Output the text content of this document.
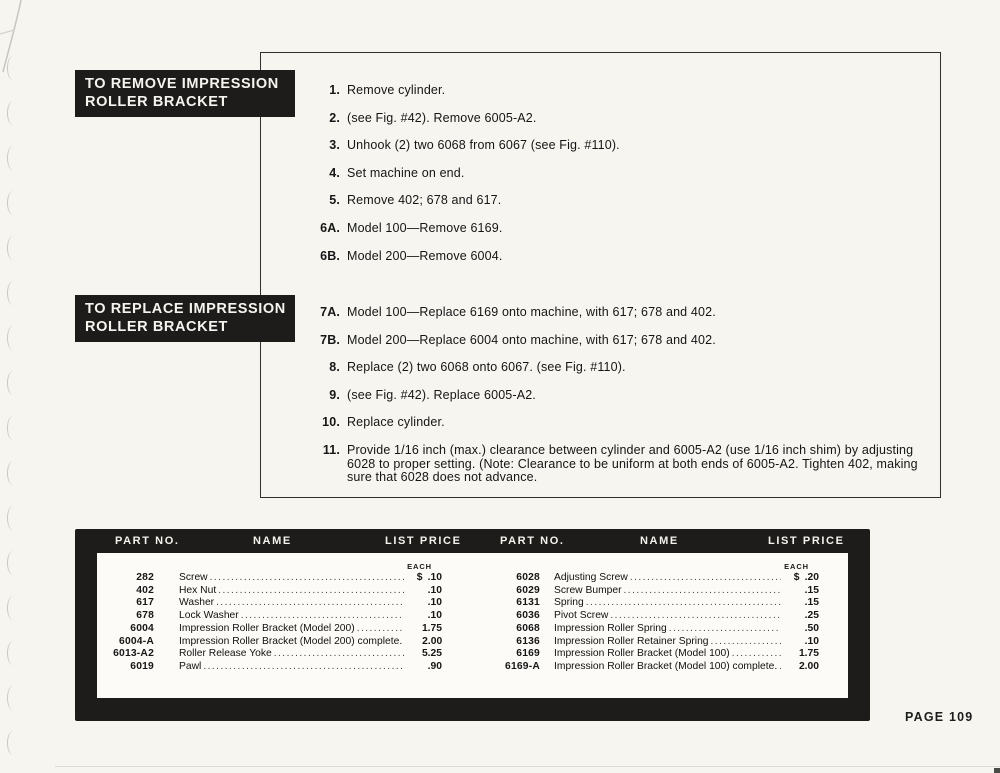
TO REMOVE IMPRESSION
ROLLER BRACKET
1. Remove cylinder.
2. (see Fig. #42). Remove 6005-A2.
3. Unhook (2) two 6068 from 6067 (see Fig. #110).
4. Set machine on end.
5. Remove 402; 678 and 617.
6A. Model 100—Remove 6169.
6B. Model 200—Remove 6004.
TO REPLACE IMPRESSION
ROLLER BRACKET
7A. Model 100—Replace 6169 onto machine, with 617; 678 and 402.
7B. Model 200—Replace 6004 onto machine, with 617; 678 and 402.
8. Replace (2) two 6068 onto 6067. (see Fig. #110).
9. (see Fig. #42). Replace 6005-A2.
10. Replace cylinder.
11. Provide 1/16 inch (max.) clearance between cylinder and 6005-A2 (use 1/16 inch shim) by adjusting 6028 to proper setting. (Note: Clearance to be uniform at both ends of 6005-A2. Tighten 402, making sure that 6028 does not advance.
PART NO.	NAME	LIST PRICE	PART NO.	NAME	LIST PRICE
EACH
282 Screw .....	$ .10
402 Hex Nut .....	.10
617 Washer .....	.10
678 Lock Washer .....	.10
6004 Impression Roller Bracket (Model 200) .....	1.75
6004-A Impression Roller Bracket (Model 200) complete.	2.00
6013-A2 Roller Release Yoke .....	5.25
6019 Pawl .....	.90
EACH
6028 Adjusting Screw .....	$ .20
6029 Screw Bumper .....	.15
6131 Spring .....	.15
6036 Pivot Screw .....	.25
6068 Impression Roller Spring .....	.50
6136 Impression Roller Retainer Spring .....	.10
6169 Impression Roller Bracket (Model 100) .....	1.75
6169-A Impression Roller Bracket (Model 100) complete. .....	2.00
PAGE 109
